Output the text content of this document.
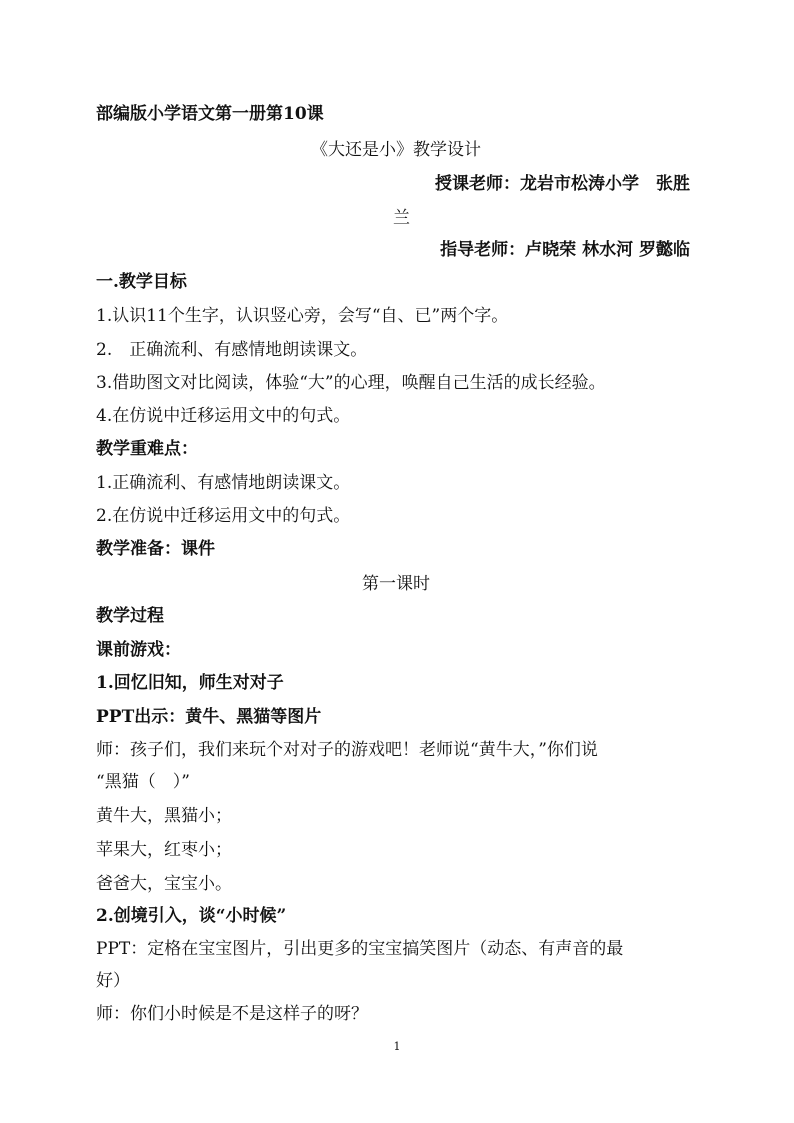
部编版小学语文第一册第10课
《大还是小》教学设计
授课老师：龙岩市松涛小学　张胜
兰
指导老师：卢晓荣 林水河 罗懿临
一.教学目标
1.认识11个生字，认识竖心旁，会写“自、已”两个字。
2.　正确流利、有感情地朗读课文。
3.借助图文对比阅读，体验“大”的心理，唤醒自己生活的成长经验。
4.在仿说中迁移运用文中的句式。
教学重难点：
1.正确流利、有感情地朗读课文。
2.在仿说中迁移运用文中的句式。
教学准备：课件
第一课时
教学过程
课前游戏：
1.回忆旧知，师生对对子
PPT出示：黄牛、黑猫等图片
师：孩子们，我们来玩个对对子的游戏吧！老师说“黄牛大，”你们说
“黑猫（　）”
黄牛大，黑猫小；
苹果大，红枣小；
爸爸大，宝宝小。
2.创境引入，谈“小时候”
PPT：定格在宝宝图片，引出更多的宝宝搞笑图片（动态、有声音的最
好）
师：你们小时候是不是这样子的呀？
1
